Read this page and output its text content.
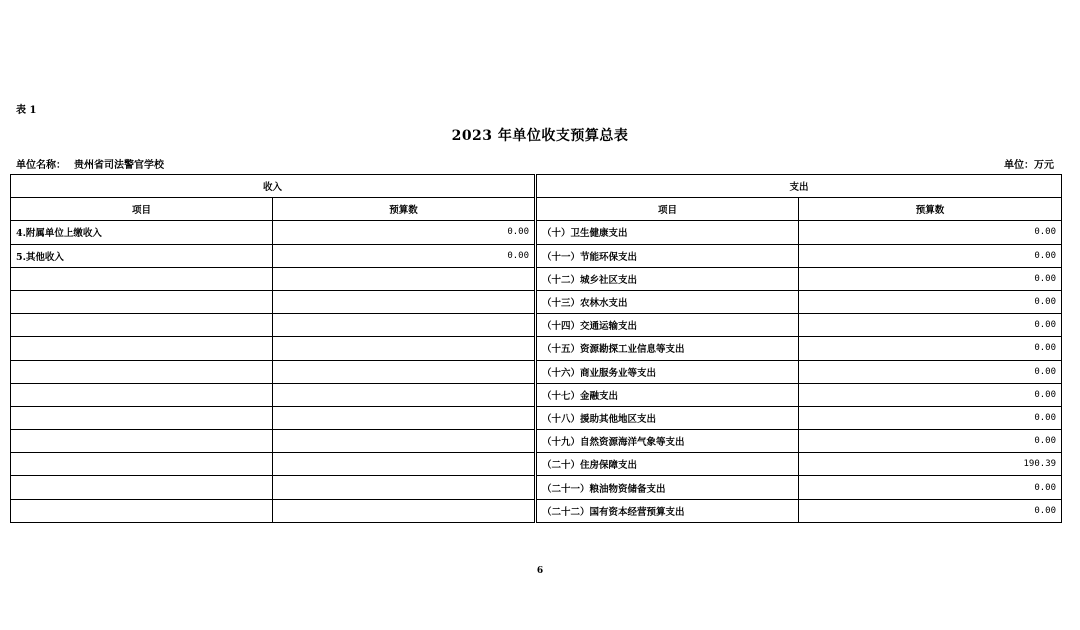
表 1
2023 年单位收支预算总表
单位名称： 贵州省司法警官学校	单位：万元
收入			支出	
项目	预算数		项目	预算数
4.附属单位上缴收入	0.00		（十）卫生健康支出	0.00
5.其他收入	0.00		（十一）节能环保支出	0.00
			（十二）城乡社区支出	0.00
			（十三）农林水支出	0.00
			（十四）交通运输支出	0.00
			（十五）资源勘探工业信息等支出	0.00
			（十六）商业服务业等支出	0.00
			（十七）金融支出	0.00
			（十八）援助其他地区支出	0.00
			（十九）自然资源海洋气象等支出	0.00
			（二十）住房保障支出	190.39
			（二十一）粮油物资储备支出	0.00
			（二十二）国有资本经营预算支出	0.00
6
